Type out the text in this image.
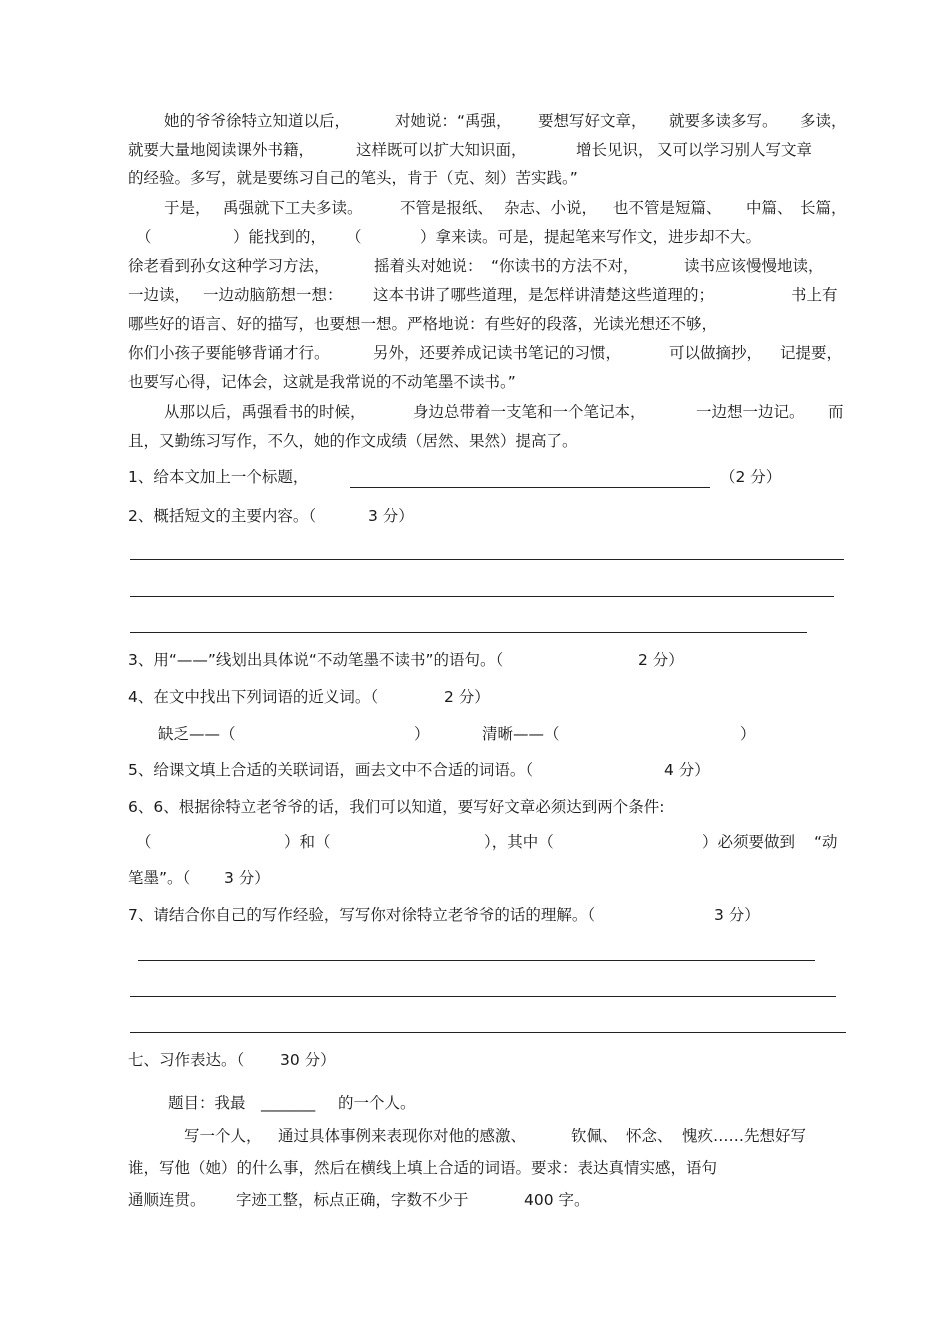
她的爷爷徐特立知道以后，	对她说：“禹强， 要想写好文章， 就要多读多写。 多读，
就要大量地阅读课外书籍，	这样既可以扩大知识面，	增长见识， 又可以学习别人写文章
的经验。多写，就是要练习自己的笔头，肯于（克、刻）苦实践。”
于是， 禹强就下工夫多读。 不管是报纸、 杂志、小说， 也不管是短篇、 中篇、 长篇，
（	）能找到的， （	）拿来读。可是，提起笔来写作文，进步却不大。
徐老看到孙女这种学习方法，	摇着头对她说： “你读书的方法不对，	读书应该慢慢地读，
一边读， 一边动脑筋想一想： 这本书讲了哪些道理，是怎样讲清楚这些道理的；	书上有
哪些好的语言、好的描写，也要想一想。严格地说：有些好的段落，光读光想还不够，
你们小孩子要能够背诵才行。	另外，还要养成记读书笔记的习惯，	可以做摘抄， 记提要，
也要写心得，记体会，这就是我常说的不动笔墨不读书。”
从那以后，禹强看书的时候，	身边总带着一支笔和一个笔记本，	一边想一边记。 而
且，又勤练习写作，不久，她的作文成绩（居然、果然）提高了。
1、给本文加上一个标题，	（2 分）
2、概括短文的主要内容。（	3 分）
3、用“——”线划出具体说“不动笔墨不读书”的语句。（	2 分）
4、在文中找出下列词语的近义词。（	2 分）
缺乏——（	）	清晰——（	）
5、给课文填上合适的关联词语，画去文中不合适的词语。（	4 分）
6、6、根据徐特立老爷爷的话，我们可以知道，要写好文章必须达到两个条件:
（	）和（	），其中（	）必须要做到 “动
笔墨”。（ 3 分）
7、请结合你自己的写作经验，写写你对徐特立老爷爷的话的理解。（	3 分）
七、习作表达。（ 30 分）
题目：我最 _______ 的一个人。
写一个人， 通过具体事例来表现你对他的感激、	钦佩、 怀念、 愧疚……先想好写
谁，写他（她）的什么事，然后在横线上填上合适的词语。要求：表达真情实感，语句
通顺连贯。 字迹工整，标点正确，字数不少于	400 字。
